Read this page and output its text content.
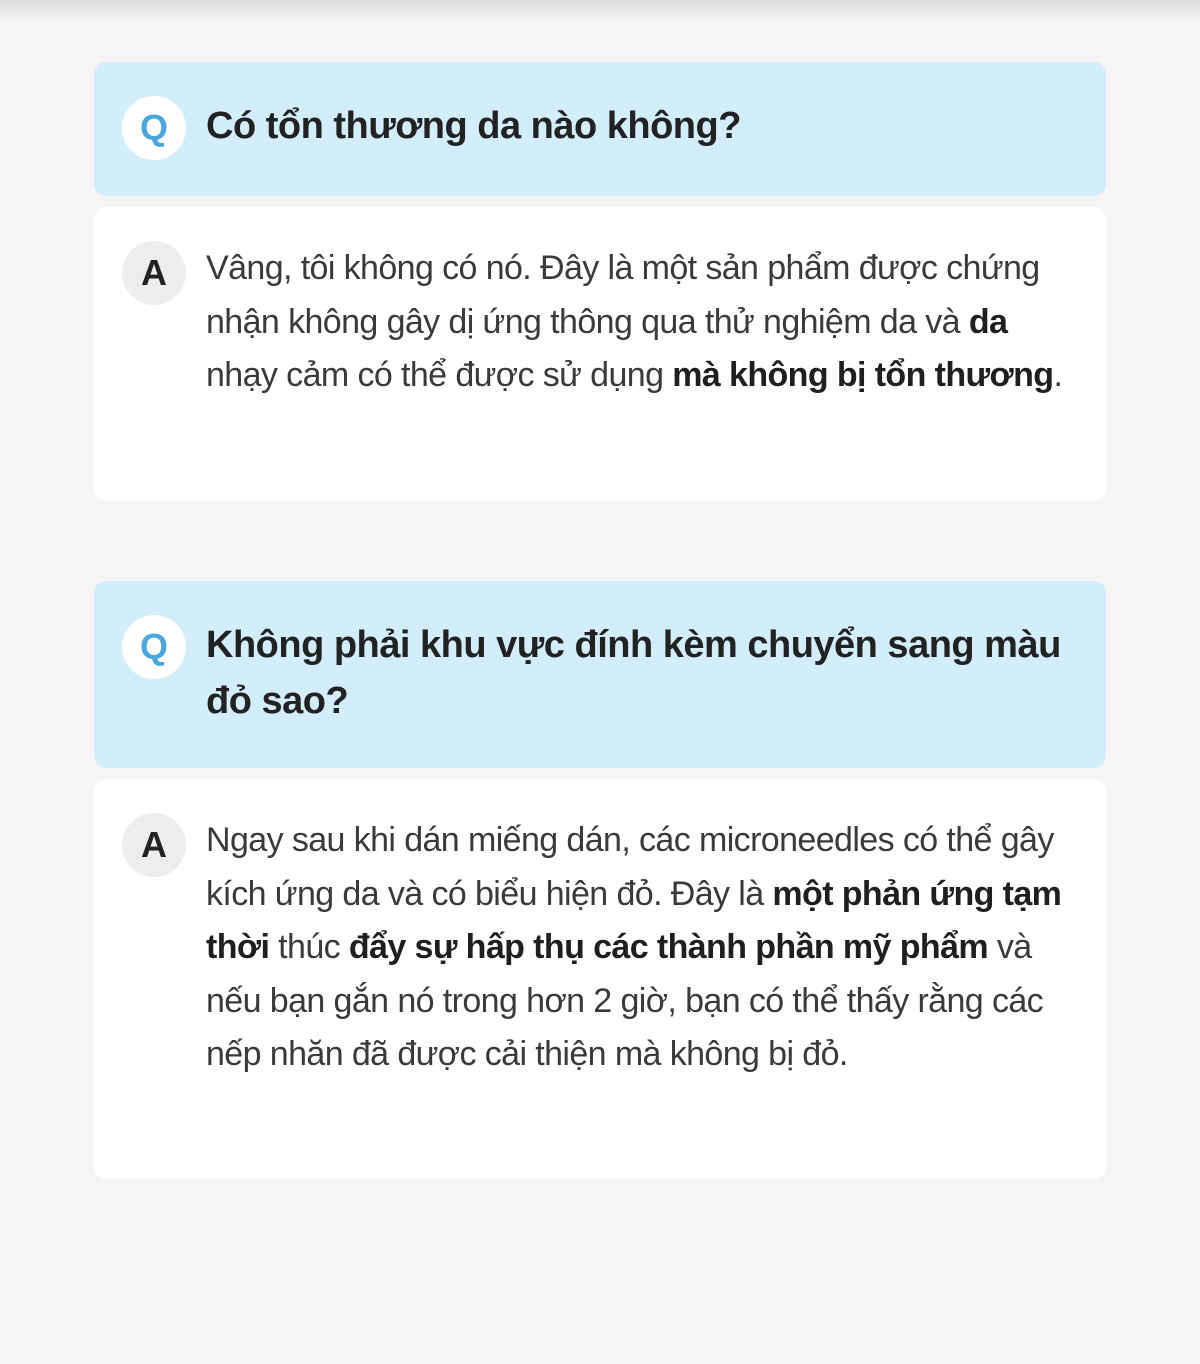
Q	Có tổn thương da nào không?

A	Vâng, tôi không có nó. Đây là một sản phẩm được chứng nhận không gây dị ứng thông qua thử nghiệm da và da nhạy cảm có thể được sử dụng mà không bị tổn thương.

Q	Không phải khu vực đính kèm chuyển sang màu đỏ sao?

A	Ngay sau khi dán miếng dán, các microneedles có thể gây kích ứng da và có biểu hiện đỏ. Đây là một phản ứng tạm thời thúc đẩy sự hấp thụ các thành phần mỹ phẩm và nếu bạn gắn nó trong hơn 2 giờ, bạn có thể thấy rằng các nếp nhăn đã được cải thiện mà không bị đỏ.
